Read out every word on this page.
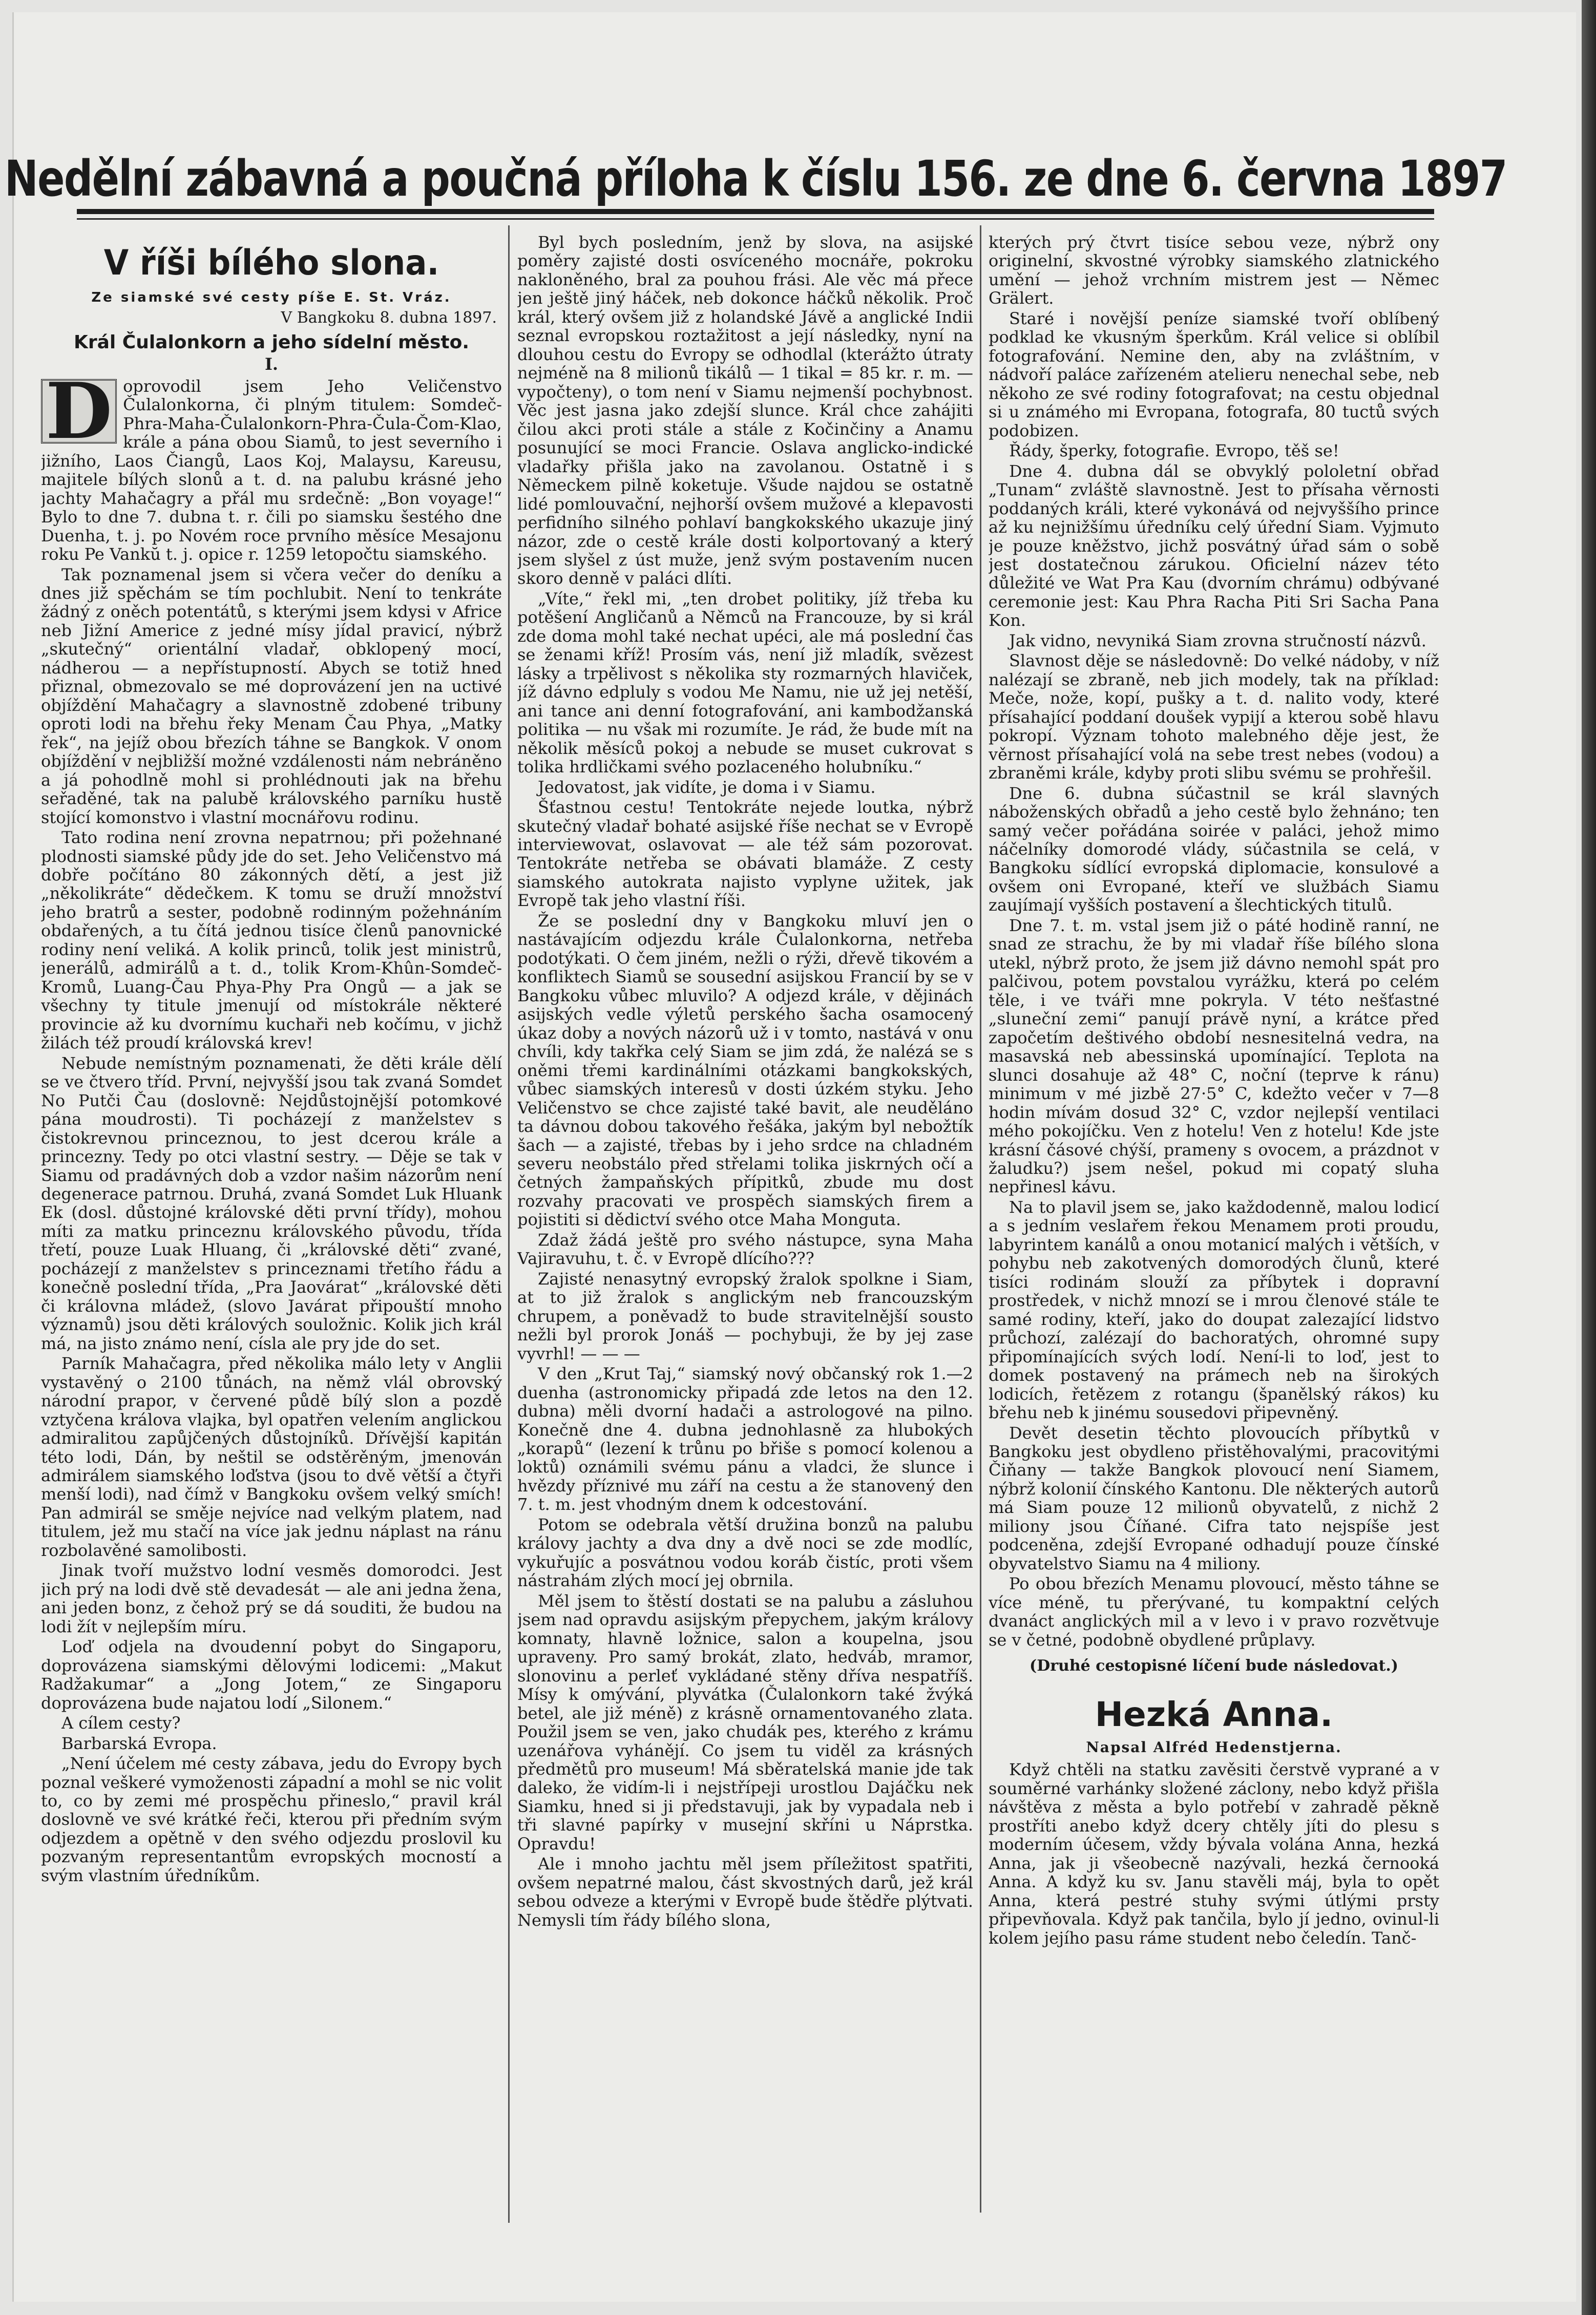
Nedělní zábavná a poučná příloha k číslu 156. ze dne 6. června 1897
V říši bílého slona.
Ze siamské své cesty píše E. St. Vráz.
V Bangkoku 8. dubna 1897.
Král Čulalonkorn a jeho sídelní město.
I.
D oprovodil jsem Jeho Veličenstvo Čulalonkorna, či plným titulem: Somdeč-Phra-Maha-Čulalonkorn-Phra-Čula-Čom-Klao, krále a pána obou Siamů, to jest severního i jižního, Laos Čiangů, Laos Koj, Malaysu, Kareusu, majitele bílých slonů a t. d. na palubu krásné jeho jachty Mahačagry a přál mu srdečně: „Bon voyage!“ Bylo to dne 7. dubna t. r. čili po siamsku šestého dne Duenha, t. j. po Novém roce prvního měsíce Mesajonu roku Pe Vankŭ t. j. opice r. 1259 letopočtu siamského.

Tak poznamenal jsem si včera večer do deníku a dnes již spěchám se tím pochlubit. Není to tenkráte žádný z oněch potentátů, s kterými jsem kdysi v Africe neb Jižní Americe z jedné mísy jídal pravicí, nýbrž „skutečný“ orientální vladař, obklopený mocí, nádherou — a nepřístupností. Abych se totiž hned přiznal, obmezovalo se mé doprovázení jen na uctivé objíždění Mahačagry a slavnostně zdobené tribuny oproti lodi na břehu řeky Menam Čau Phya, „Matky řek“, na jejíž obou březích táhne se Bangkok. V onom objíždění v nejbližší možné vzdálenosti nám nebráněno a já pohodlně mohl si prohlédnouti jak na břehu seřaděné, tak na palubě královského parníku hustě stojící komonstvo i vlastní mocnářovu rodinu.

Tato rodina není zrovna nepatrnou; při požehnané plodnosti siamské půdy jde do set. Jeho Veličenstvo má dobře počítáno 80 zákonných dětí, a jest již „několikráte“ dědečkem. K tomu se druží množství jeho bratrů a sester, podobně rodinným požehnáním obdařených, a tu čítá jednou tisíce členů panovnické rodiny není veliká. A kolik princů, tolik jest ministrů, jenerálů, admirálů a t. d., tolik Krom-Khûn-Somdeč-Kromů, Luang-Čau Phya-Phy Pra Ongů — a jak se všechny ty titule jmenují od místokrále některé provincie až ku dvornímu kuchaři neb kočímu, v jichž žilách též proudí královská krev!

Nebude nemístným poznamenati, že děti krále dělí se ve čtvero tříd. První, nejvyšší jsou tak zvaná Somdet No Putči Čau (doslovně: Nejdůstojnější potomkové pána moudrosti). Ti pocházejí z manželstev s čistokrevnou princeznou, to jest dcerou krále a princezny. Tedy po otci vlastní sestry. — Děje se tak v Siamu od pradávných dob a vzdor našim názorům není degenerace patrnou. Druhá, zvaná Somdet Luk Hluank Ek (dosl. důstojné královské děti první třídy), mohou míti za matku princeznu královského původu, třída třetí, pouze Luak Hluang, či „královské děti“ zvané, pocházejí z manželstev s princeznami třetího řádu a konečně poslední třída, „Pra Jaovárat“ „královské děti či královna mládež, (slovo Javárat připouští mnoho významů) jsou děti králových souložnic. Kolik jich král má, na jisto známo není, císla ale pry jde do set.

Parník Mahačagra, před několika málo lety v Anglii vystavěný o 2100 tůnách, na němž vlál obrovský národní prapor, v červené půdě bílý slon a pozdě vztyčena králova vlajka, byl opatřen velením anglickou admiralitou zapůjčených důstojníků. Dřívější kapitán této lodi, Dán, by neštil se odstěrěným, jmenován admirálem siamského loďstva (jsou to dvě větší a čtyři menší lodi), nad čímž v Bangkoku ovšem velký smích! Pan admirál se směje nejvíce nad velkým platem, nad titulem, jež mu stačí na více jak jednu náplast na ránu rozbolavěné samolibosti.

Jinak tvoří mužstvo lodní vesměs domorodci. Jest jich prý na lodi dvě stě devadesát — ale ani jedna žena, ani jeden bonz, z čehož prý se dá souditi, že budou na lodi žít v nejlepším míru.

Loď odjela na dvoudenní pobyt do Singaporu, doprovázena siamskými dělovými lodicemi: „Makut Radžakumar“ a „Jong Jotem,“ ze Singaporu doprovázena bude najatou lodí „Silonem.“

A cílem cesty?

Barbarská Evropa.

„Není účelem mé cesty zábava, jedu do Evropy bych poznal veškeré vymoženosti západní a mohl se nic volit to, co by zemi mé prospěchu přineslo,“ pravil král doslovně ve své krátké řeči, kterou při předním svým odjezdem a opětně v den svého odjezdu proslovil ku pozvaným representantům evropských mocností a svým vlastním úředníkům.

Byl bych posledním, jenž by slova, na asijské poměry zajisté dosti osvíceného mocnáře, pokroku nakloněného, bral za pouhou frási. Ale věc má přece jen ještě jiný háček, neb dokonce háčků několik. Proč král, který ovšem již z holandské Jávě a anglické Indii seznal evropskou roztažitost a její následky, nyní na dlouhou cestu do Evropy se odhodlal (kterážto útraty nejméně na 8 milionů tikálů — 1 tikal = 85 kr. r. m. — vypočteny), o tom není v Siamu nejmenší pochybnost. Věc jest jasna jako zdejší slunce. Král chce zahájiti čilou akci proti stále a stále z Kočinčiny a Anamu posunující se moci Francie. Oslava anglicko-indické vladařky přišla jako na zavolanou. Ostatně i s Německem pilně koketuje. Všude najdou se ostatně lidé pomlouvační, nejhorší ovšem mužové a klepavosti perfidního silného pohlaví bangkokského ukazuje jiný názor, zde o cestě krále dosti kolportovaný a který jsem slyšel z úst muže, jenž svým postavením nucen skoro denně v paláci dlíti.

„Víte,“ řekl mi, „ten drobet politiky, jíž třeba ku potěšení Angličanů a Němců na Francouze, by si král zde doma mohl také nechat upéci, ale má poslední čas se ženami kříž! Prosím vás, není již mladík, svězest lásky a trpělivost s několika sty rozmarných hlaviček, jíž dávno edpluly s vodou Me Namu, nie už jej netěší, ani tance ani denní fotografování, ani kambodžanská politika — nu však mi rozumíte. Je rád, že bude mít na několik měsíců pokoj a nebude se muset cukrovat s tolika hrdličkami svého pozlaceného holubníku.“

Jedovatost, jak vidíte, je doma i v Siamu.

Šťastnou cestu! Tentokráte nejede loutka, nýbrž skutečný vladař bohaté asijské říše nechat se v Evropě interviewovat, oslavovat — ale též sám pozorovat. Tentokráte netřeba se obávati blamáže. Z cesty siamského autokrata najisto vyplyne užitek, jak Evropě tak jeho vlastní říši.

Že se poslední dny v Bangkoku mluví jen o nastávajícím odjezdu krále Čulalonkorna, netřeba podotýkati. O čem jiném, nežli o rýži, dřevě tikovém a konfliktech Siamů se sousední asijskou Francií by se v Bangkoku vůbec mluvilo? A odjezd krále, v dějinách asijských vedle výletů perského šacha osamocený úkaz doby a nových názorů už i v tomto, nastává v onu chvíli, kdy takřka celý Siam se jim zdá, že nalézá se s oněmi třemi kardinálními otázkami bangkokských, vůbec siamských interesů v dosti úzkém styku. Jeho Veličenstvo se chce zajisté také bavit, ale neuděláno ta dávnou dobou takového řešáka, jakým byl nebožtík šach — a zajisté, třebas by i jeho srdce na chladném severu neobstálo před střelami tolika jiskrných očí a četných žampaňských přípitků, zbude mu dost rozvahy pracovati ve prospěch siamských firem a pojistiti si dědictví svého otce Maha Monguta.

Zdaž žádá ještě pro svého nástupce, syna Maha Vajiravuhu, t. č. v Evropě dlícího???

Zajisté nenasytný evropský žralok spolkne i Siam, at to již žralok s anglickým neb francouzským chrupem, a poněvadž to bude stravitelnější sousto nežli byl prorok Jonáš — pochybuji, že by jej zase vyvrhl! — — —

V den „Krut Taj,“ siamský nový občanský rok 1.—2 duenha (astronomicky připadá zde letos na den 12. dubna) měli dvorní hadači a astrologové na pilno. Konečně dne 4. dubna jednohlasně za hlubokých „korapů“ (lezení k trůnu po břiše s pomocí kolenou a loktů) oznámili svému pánu a vladci, že slunce i hvězdy příznivé mu září na cestu a že stanovený den 7. t. m. jest vhodným dnem k odcestování.

Potom se odebrala větší družina bonzů na palubu královy jachty a dva dny a dvě noci se zde modlíc, vykuřujíc a posvátnou vodou koráb čistíc, proti všem nástrahám zlých mocí jej obrnila.

Měl jsem to štěstí dostati se na palubu a zásluhou jsem nad opravdu asijským přepychem, jakým královy komnaty, hlavně ložnice, salon a koupelna, jsou upraveny. Pro samý brokát, zlato, hedváb, mramor, slonovinu a perleť vykládané stěny dříva nespatříš. Mísy k omývání, plyvátka (Čulalonkorn také žvýká betel, ale již méně) z krásně ornamentovaného zlata. Použil jsem se ven, jako chudák pes, kterého z krámu uzenářova vyhánějí. Co jsem tu viděl za krásných předmětů pro museum! Má sběratelská manie jde tak daleko, že vidím-li i nejstřípeji urostlou Dajáčku nek Siamku, hned si ji představuji, jak by vypadala neb i tři slavné papírky v musejní skříni u Náprstka. Opravdu!

Ale i mnoho jachtu měl jsem příležitost spatřiti, ovšem nepatrné malou, část skvostných darů, jež král sebou odveze a kterými v Evropě bude štědře plýtvati. Nemysli tím řády bílého slona,

kterých prý čtvrt tisíce sebou veze, nýbrž ony originelní, skvostné výrobky siamského zlatnického umění — jehož vrchním mistrem jest — Němec Grälert.

Staré i novější peníze siamské tvoří oblíbený podklad ke vkusným šperkům. Král velice si oblíbil fotografování. Nemine den, aby na zvláštním, v nádvoří paláce zařízeném atelieru nenechal sebe, neb někoho ze své rodiny fotografovat; na cestu objednal si u známého mi Evropana, fotografa, 80 tuctů svých podobizen.

Řády, šperky, fotografie. Evropo, těš se!

Dne 4. dubna dál se obvyklý pololetní obřad „Tunam“ zvláště slavnostně. Jest to přísaha věrnosti poddaných králi, které vykonává od nejvyššího prince až ku nejnižšímu úředníku celý úřední Siam. Vyjmuto je pouze kněžstvo, jichž posvátný úřad sám o sobě jest dostatečnou zárukou. Oficielní název této důležité ve Wat Pra Kau (dvorním chrámu) odbývané ceremonie jest: Kau Phra Racha Piti Sri Sacha Pana Kon.

Jak vidno, nevyniká Siam zrovna stručností názvů.

Slavnost děje se následovně: Do velké nádoby, v níž nalézají se zbraně, neb jich modely, tak na příklad: Meče, nože, kopí, pušky a t. d. nalito vody, které přísahající poddaní doušek vypijí a kterou sobě hlavu pokropí. Význam tohoto malebného děje jest, že věrnost přísahající volá na sebe trest nebes (vodou) a zbraněmi krále, kdyby proti slibu svému se prohřešil.

Dne 6. dubna súčastnil se král slavných náboženských obřadů a jeho cestě bylo žehnáno; ten samý večer pořádána soirée v paláci, jehož mimo náčelníky domorodé vlády, súčastnila se celá, v Bangkoku sídlící evropská diplomacie, konsulové a ovšem oni Evropané, kteří ve službách Siamu zaujímají vyšších postavení a šlechtických titulů.

Dne 7. t. m. vstal jsem již o páté hodině ranní, ne snad ze strachu, že by mi vladař říše bílého slona utekl, nýbrž proto, že jsem již dávno nemohl spát pro palčivou, potem povstalou vyrážku, která po celém těle, i ve tváři mne pokryla. V této nešťastné „sluneční zemi“ panují právě nyní, a krátce před započetím deštivého období nesnesitelná vedra, na masavská neb abessinská upomínající. Teplota na slunci dosahuje až 48° C, noční (teprve k ránu) minimum v mé jizbě 27·5° C, kdežto večer v 7—8 hodin mívám dosud 32° C, vzdor nejlepší ventilaci mého pokojíčku. Ven z hotelu! Ven z hotelu! Kde jste krásní čásové chýší, prameny s ovocem, a prázdnot v žaludku?) jsem nešel, pokud mi copatý sluha nepřinesl kávu.

Na to plavil jsem se, jako každodenně, malou lodicí a s jedním veslařem řekou Menamem proti proudu, labyrintem kanálů a onou motanicí malých i větších, v pohybu neb zakotvených domorodých člunů, které tisíci rodinám slouží za příbytek i dopravní prostředek, v nichž mnozí se i mrou členové stále te samé rodiny, kteří, jako do doupat zalezající lidstvo průchozí, zalézají do bachoratých, ohromné supy připomínajících svých lodí. Není-li to loď, jest to domek postavený na prámech neb na širokých lodicích, řetězem z rotangu (španělský rákos) ku břehu neb k jinému sousedovi připevněný.

Devět desetin těchto plovoucích příbytků v Bangkoku jest obydleno přistěhovalými, pracovitými Čiňany — takže Bangkok plovoucí není Siamem, nýbrž kolonií čínského Kantonu. Dle některých autorů má Siam pouze 12 milionů obyvatelů, z nichž 2 miliony jsou Číňané. Cifra tato nejspíše jest podceněna, zdejší Evropané odhadují pouze čínské obyvatelstvo Siamu na 4 miliony.

Po obou březích Menamu plovoucí, město táhne se více méně, tu přerývané, tu kompaktní celých dvanáct anglických mil a v levo i v pravo rozvětvuje se v četné, podobně obydlené průplavy.

(Druhé cestopisné líčení bude následovat.)
Hezká Anna.
Napsal Alfréd Hedenstjerna.

Když chtěli na statku zavěsiti čerstvě vyprané a v souměrné varhánky složené záclony, nebo když přišla návštěva z města a bylo potřebí v zahradě pěkně prostříti anebo když dcery chtěly jíti do plesu s moderním účesem, vždy bývala volána Anna, hezká Anna, jak ji všeobecně nazývali, hezká černooká Anna. A když ku sv. Janu stavěli máj, byla to opět Anna, která pestré stuhy svými útlými prsty připevňovala. Když pak tančila, bylo jí jedno, ovinul-li kolem jejího pasu ráme student nebo čeledín. Tanč-
